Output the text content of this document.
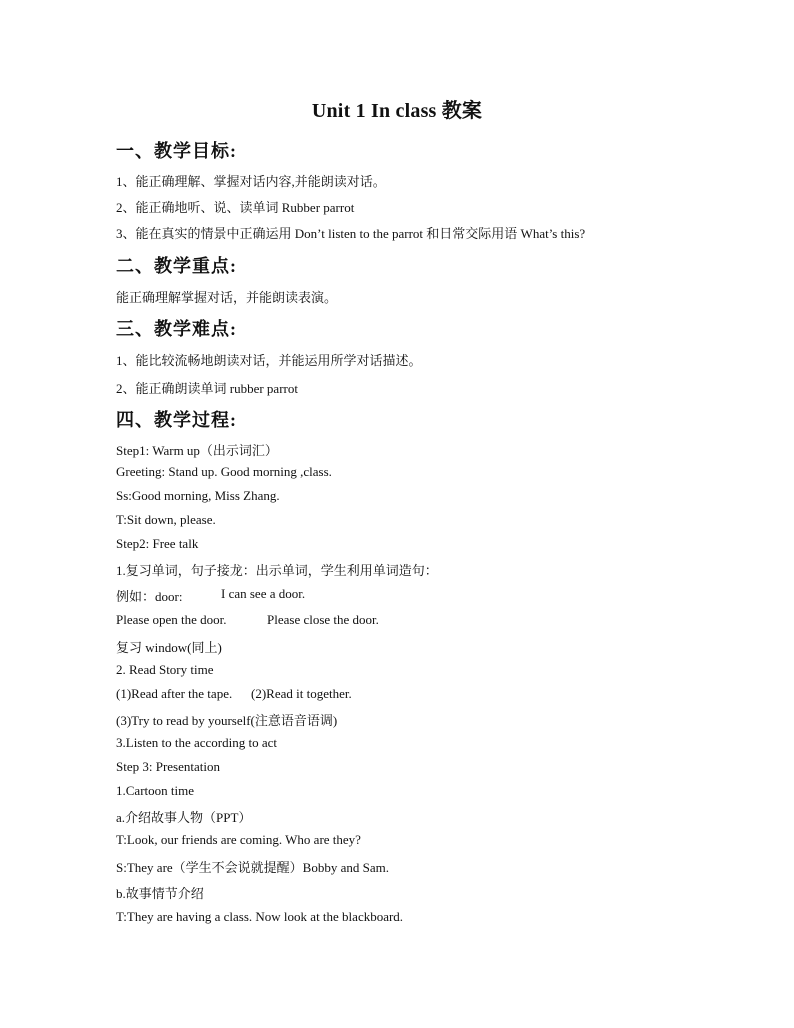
Unit 1 In class 教案
一、教学目标:
1、能正确理解、掌握对话内容,并能朗读对话。
2、能正确地听、说、读单词 Rubber parrot
3、能在真实的情景中正确运用 Don’t listen to the parrot 和日常交际用语 What’s this?
二、教学重点:
能正确理解掌握对话，并能朗读表演。
三、教学难点:
1、能比较流畅地朗读对话，并能运用所学对话描述。
2、能正确朗读单词 rubber parrot
四、教学过程:
Step1: Warm up（出示词汇）
Greeting: Stand up. Good morning ,class.
Ss:Good morning, Miss Zhang.
T:Sit down, please.
Step2: Free talk
1.复习单词，句子接龙：出示单词，学生利用单词造句：
例如：door:	I can see a door.
Please open the door.	Please close the door.
复习 window(同上)
2. Read Story time
(1)Read after the tape. (2)Read it together.
(3)Try to read by yourself(注意语音语调)
3.Listen to the according to act
Step 3: Presentation
1.Cartoon time
a.介绍故事人物（PPT）
T:Look, our friends are coming. Who are they?
S:They are（学生不会说就提醒）Bobby and Sam.
b.故事情节介绍
T:They are having a class. Now look at the blackboard.
